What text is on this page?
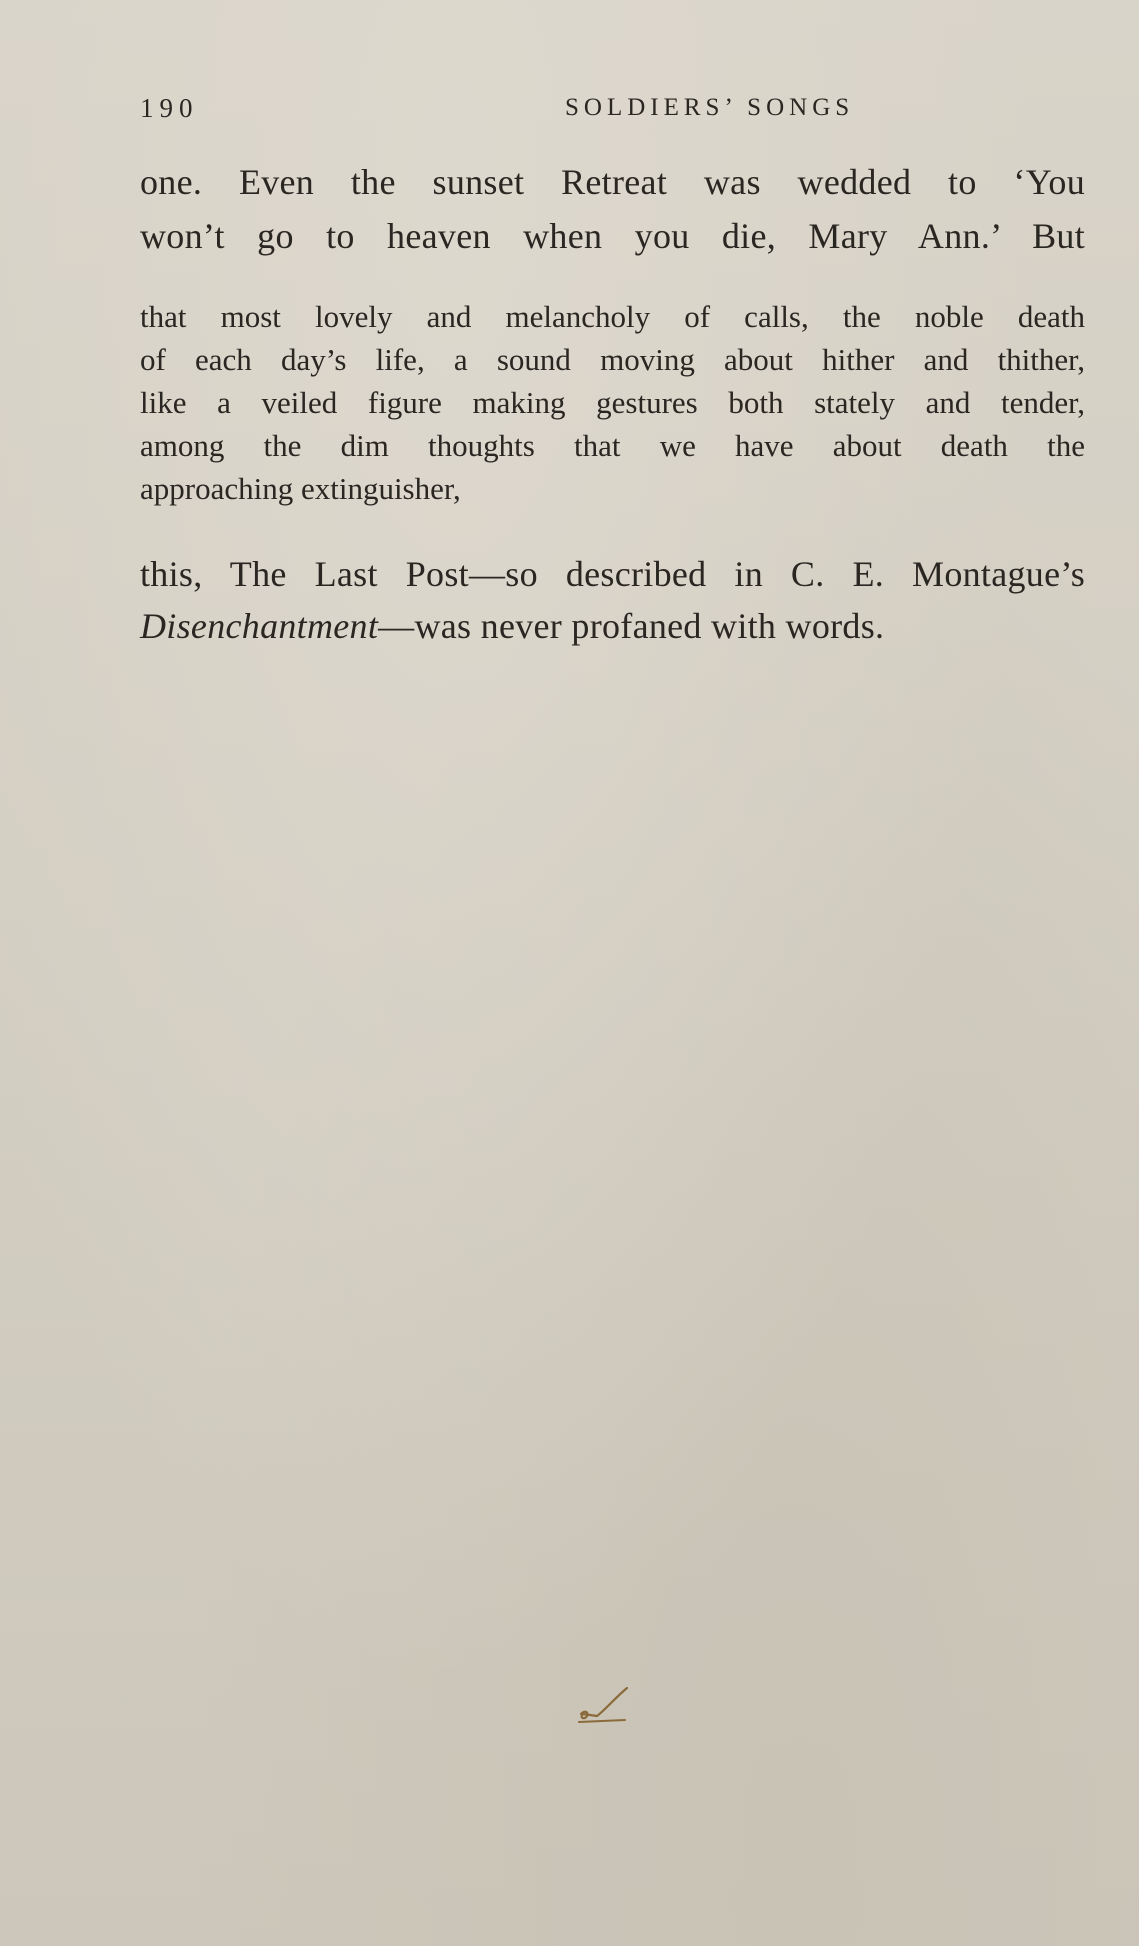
190	SOLDIERS’ SONGS
one. Even the sunset Retreat was wedded to ‘You
won’t go to heaven when you die, Mary Ann.’ But
that most lovely and melancholy of calls, the noble death
of each day’s life, a sound moving about hither and thither,
like a veiled figure making gestures both stately and tender,
among the dim thoughts that we have about death the
approaching extinguisher,
this, The Last Post—so described in C. E. Montague’s
Disenchantment—was never profaned with words.
